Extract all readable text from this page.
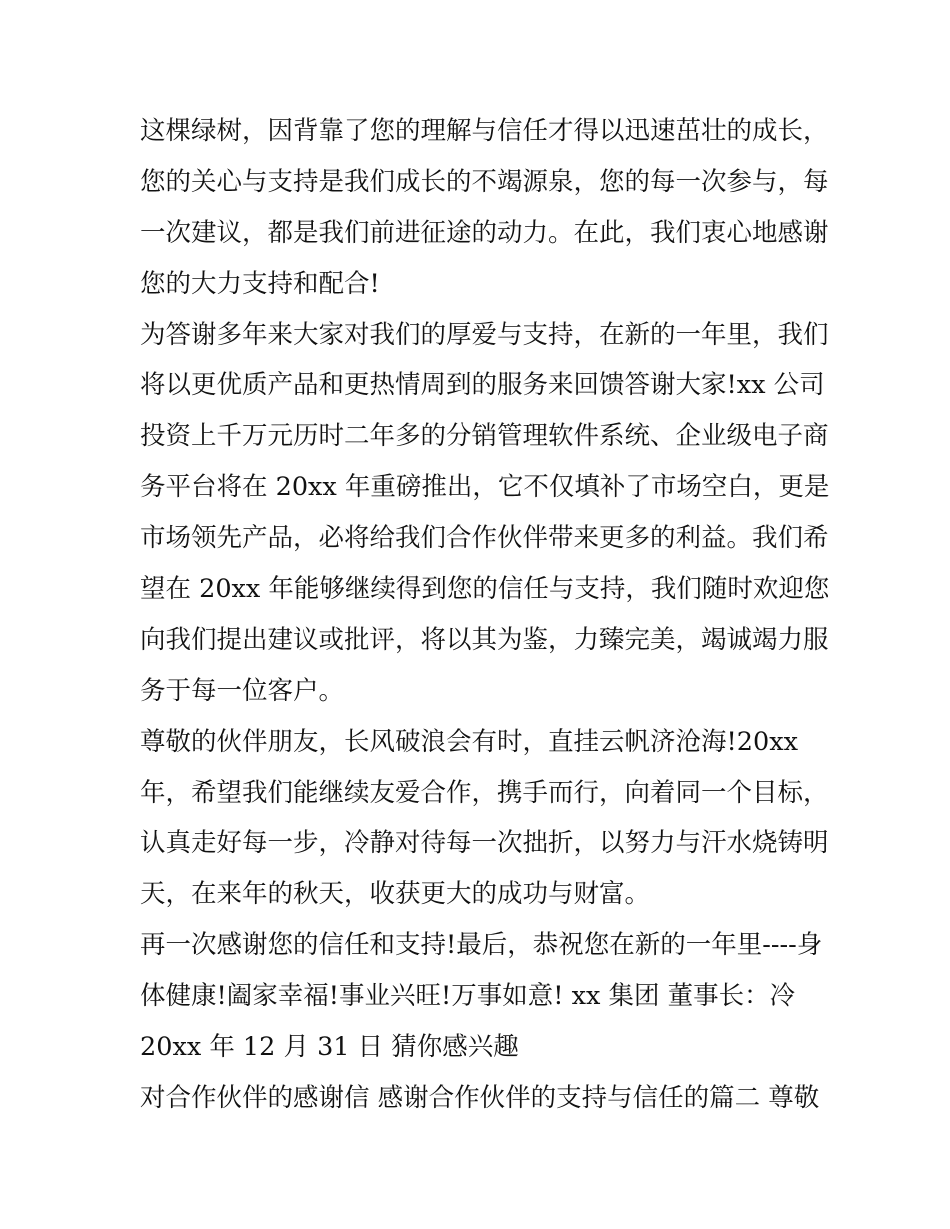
这棵绿树，因背靠了您的理解与信任才得以迅速茁壮的成长，
您的关心与支持是我们成长的不竭源泉，您的每一次参与，每
一次建议，都是我们前进征途的动力。在此，我们衷心地感谢
您的大力支持和配合!
为答谢多年来大家对我们的厚爱与支持，在新的一年里，我们
将以更优质产品和更热情周到的服务来回馈答谢大家!xx 公司
投资上千万元历时二年多的分销管理软件系统、企业级电子商
务平台将在 20xx 年重磅推出，它不仅填补了市场空白，更是
市场领先产品，必将给我们合作伙伴带来更多的利益。我们希
望在 20xx 年能够继续得到您的信任与支持，我们随时欢迎您
向我们提出建议或批评，将以其为鉴，力臻完美，竭诚竭力服
务于每一位客户。
尊敬的伙伴朋友，长风破浪会有时，直挂云帆济沧海!20xx
年，希望我们能继续友爱合作，携手而行，向着同一个目标，
认真走好每一步，冷静对待每一次拙折，以努力与汗水烧铸明
天，在来年的秋天，收获更大的成功与财富。
再一次感谢您的信任和支持!最后，恭祝您在新的一年里----身
体健康!阖家幸福!事业兴旺!万事如意! xx 集团 董事长：冷
20xx 年 12 月 31 日 猜你感兴趣
对合作伙伴的感谢信 感谢合作伙伴的支持与信任的篇二 尊敬
